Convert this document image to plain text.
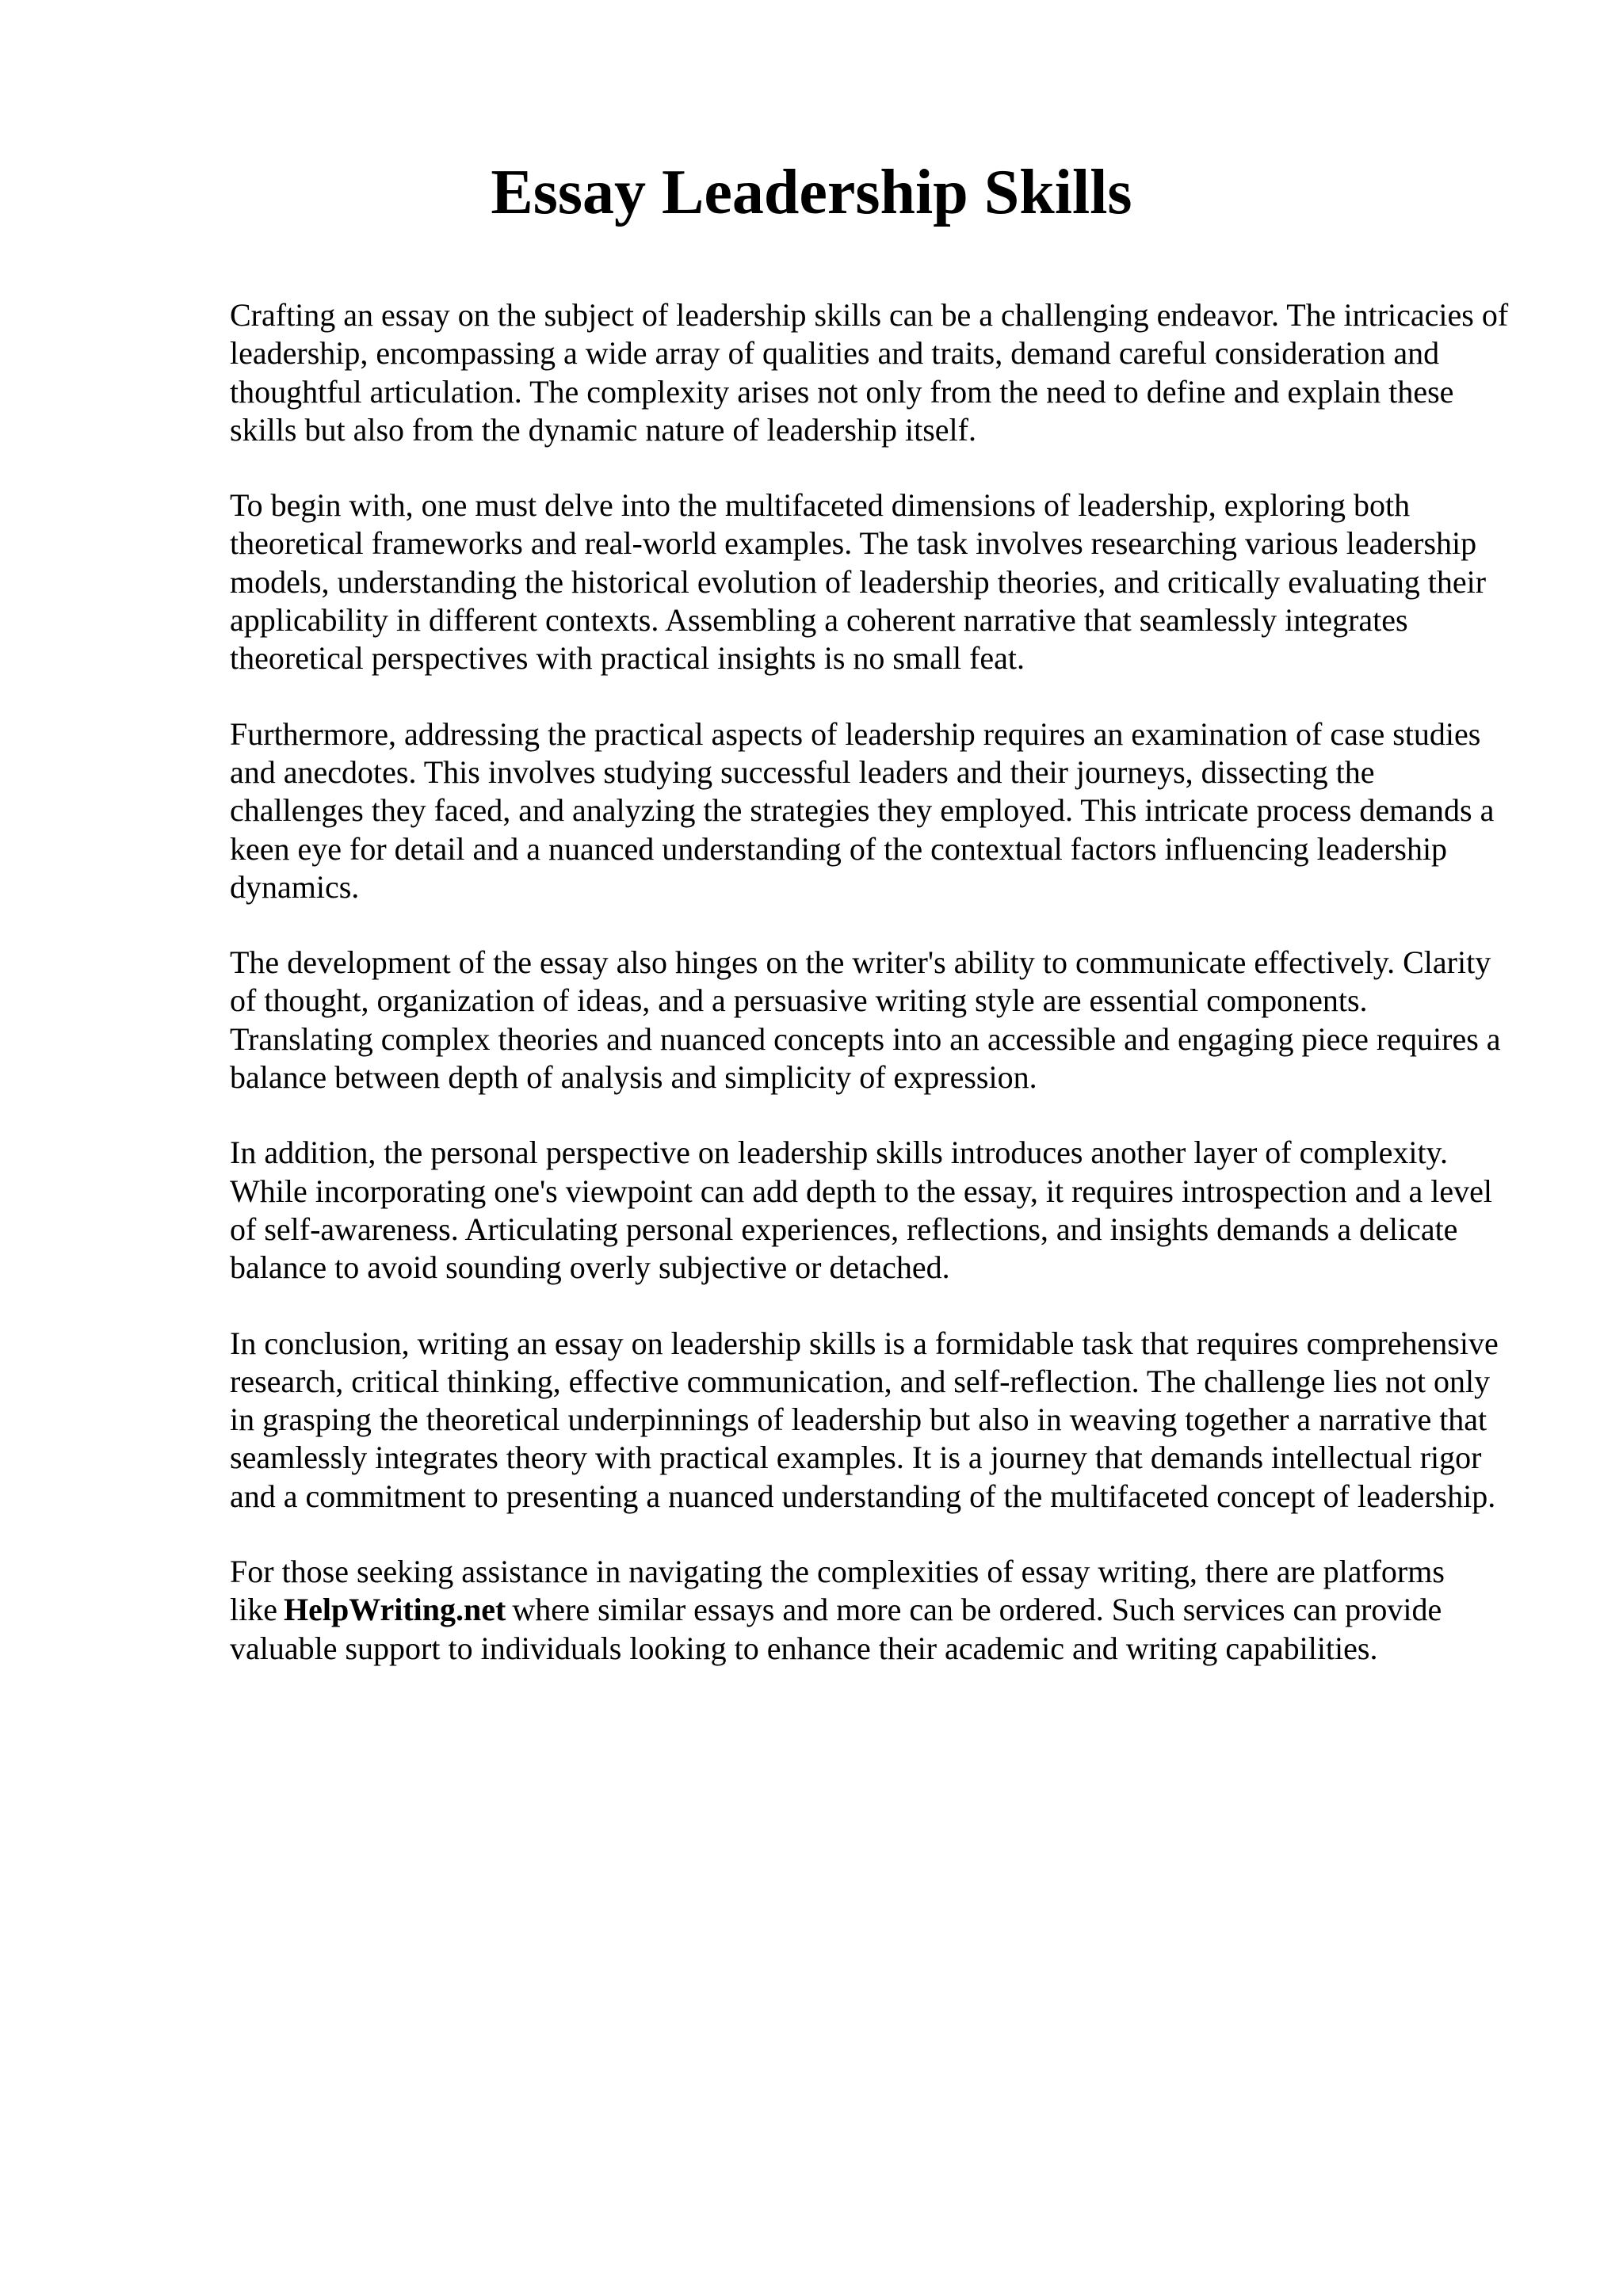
Essay Leadership Skills

Crafting an essay on the subject of leadership skills can be a challenging endeavor. The intricacies of leadership, encompassing a wide array of qualities and traits, demand careful consideration and thoughtful articulation. The complexity arises not only from the need to define and explain these skills but also from the dynamic nature of leadership itself.

To begin with, one must delve into the multifaceted dimensions of leadership, exploring both theoretical frameworks and real-world examples. The task involves researching various leadership models, understanding the historical evolution of leadership theories, and critically evaluating their applicability in different contexts. Assembling a coherent narrative that seamlessly integrates theoretical perspectives with practical insights is no small feat.

Furthermore, addressing the practical aspects of leadership requires an examination of case studies and anecdotes. This involves studying successful leaders and their journeys, dissecting the challenges they faced, and analyzing the strategies they employed. This intricate process demands a keen eye for detail and a nuanced understanding of the contextual factors influencing leadership dynamics.

The development of the essay also hinges on the writer's ability to communicate effectively. Clarity of thought, organization of ideas, and a persuasive writing style are essential components. Translating complex theories and nuanced concepts into an accessible and engaging piece requires a balance between depth of analysis and simplicity of expression.

In addition, the personal perspective on leadership skills introduces another layer of complexity. While incorporating one's viewpoint can add depth to the essay, it requires introspection and a level of self-awareness. Articulating personal experiences, reflections, and insights demands a delicate balance to avoid sounding overly subjective or detached.

In conclusion, writing an essay on leadership skills is a formidable task that requires comprehensive research, critical thinking, effective communication, and self-reflection. The challenge lies not only in grasping the theoretical underpinnings of leadership but also in weaving together a narrative that seamlessly integrates theory with practical examples. It is a journey that demands intellectual rigor and a commitment to presenting a nuanced understanding of the multifaceted concept of leadership.

For those seeking assistance in navigating the complexities of essay writing, there are platforms like HelpWriting.net where similar essays and more can be ordered. Such services can provide valuable support to individuals looking to enhance their academic and writing capabilities.
